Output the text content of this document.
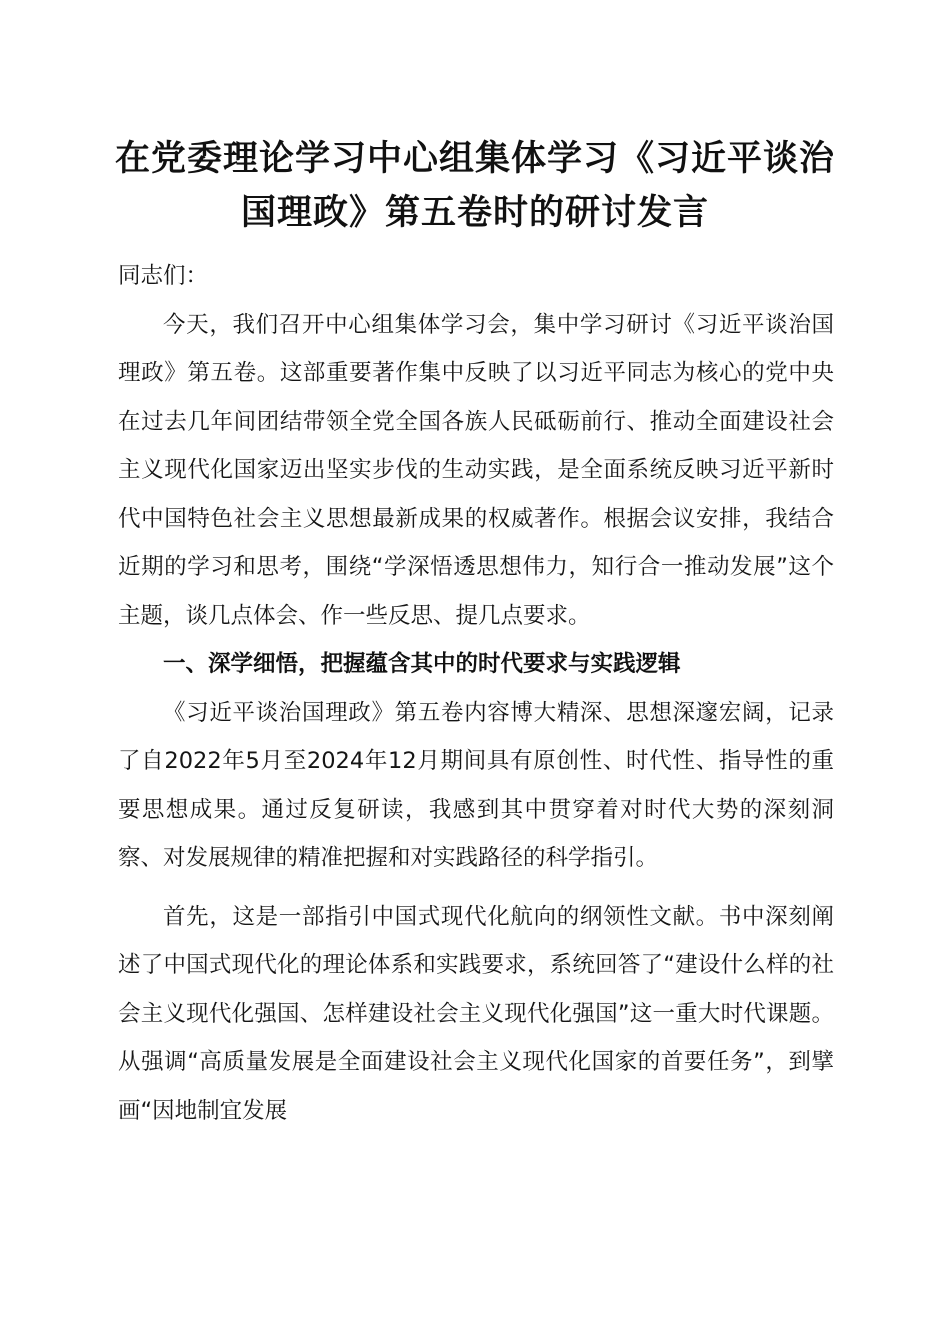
在党委理论学习中心组集体学习《习近平谈治
国理政》第五卷时的研讨发言

同志们：

今天，我们召开中心组集体学习会，集中学习研讨《习近平谈治国理政》第五卷。这部重要著作集中反映了以习近平同志为核心的党中央在过去几年间团结带领全党全国各族人民砥砺前行、推动全面建设社会主义现代化国家迈出坚实步伐的生动实践，是全面系统反映习近平新时代中国特色社会主义思想最新成果的权威著作。根据会议安排，我结合近期的学习和思考，围绕“学深悟透思想伟力，知行合一推动发展”这个主题，谈几点体会、作一些反思、提几点要求。

一、深学细悟，把握蕴含其中的时代要求与实践逻辑

《习近平谈治国理政》第五卷内容博大精深、思想深邃宏阔，记录了自2022年5月至2024年12月期间具有原创性、时代性、指导性的重要思想成果。通过反复研读，我感到其中贯穿着对时代大势的深刻洞察、对发展规律的精准把握和对实践路径的科学指引。

首先，这是一部指引中国式现代化航向的纲领性文献。书中深刻阐述了中国式现代化的理论体系和实践要求，系统回答了“建设什么样的社会主义现代化强国、怎样建设社会主义现代化强国”这一重大时代课题。从强调“高质量发展是全面建设社会主义现代化国家的首要任务”，到擘画“因地制宜发展
